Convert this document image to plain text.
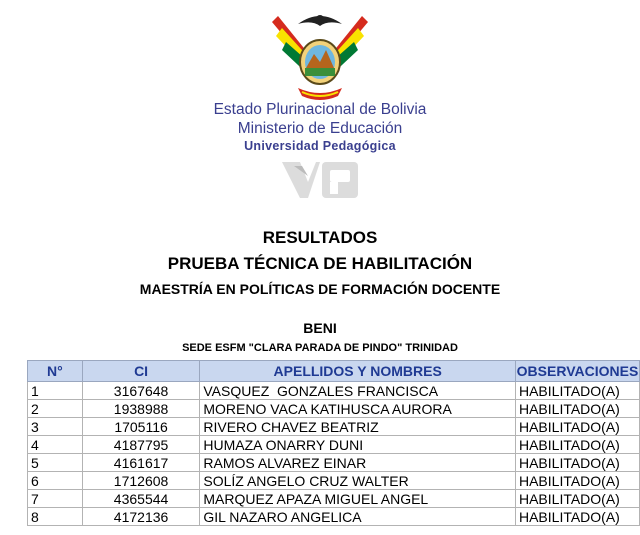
Estado Plurinacional de Bolivia
Ministerio de Educación
Universidad Pedagógica
RESULTADOS
PRUEBA TÉCNICA DE HABILITACIÓN
MAESTRÍA EN POLÍTICAS DE FORMACIÓN DOCENTE
BENI
SEDE ESFM "CLARA PARADA DE PINDO" TRINIDAD
N°	CI	APELLIDOS Y NOMBRES	OBSERVACIONES
1	3167648	VASQUEZ  GONZALES FRANCISCA	HABILITADO(A)
2	1938988	MORENO VACA KATIHUSCA AURORA	HABILITADO(A)
3	1705116	RIVERO CHAVEZ BEATRIZ	HABILITADO(A)
4	4187795	HUMAZA ONARRY DUNI	HABILITADO(A)
5	4161617	RAMOS ALVAREZ EINAR	HABILITADO(A)
6	1712608	SOLÍZ ANGELO CRUZ WALTER	HABILITADO(A)
7	4365544	MARQUEZ APAZA MIGUEL ANGEL	HABILITADO(A)
8	4172136	GIL NAZARO ANGELICA	HABILITADO(A)
